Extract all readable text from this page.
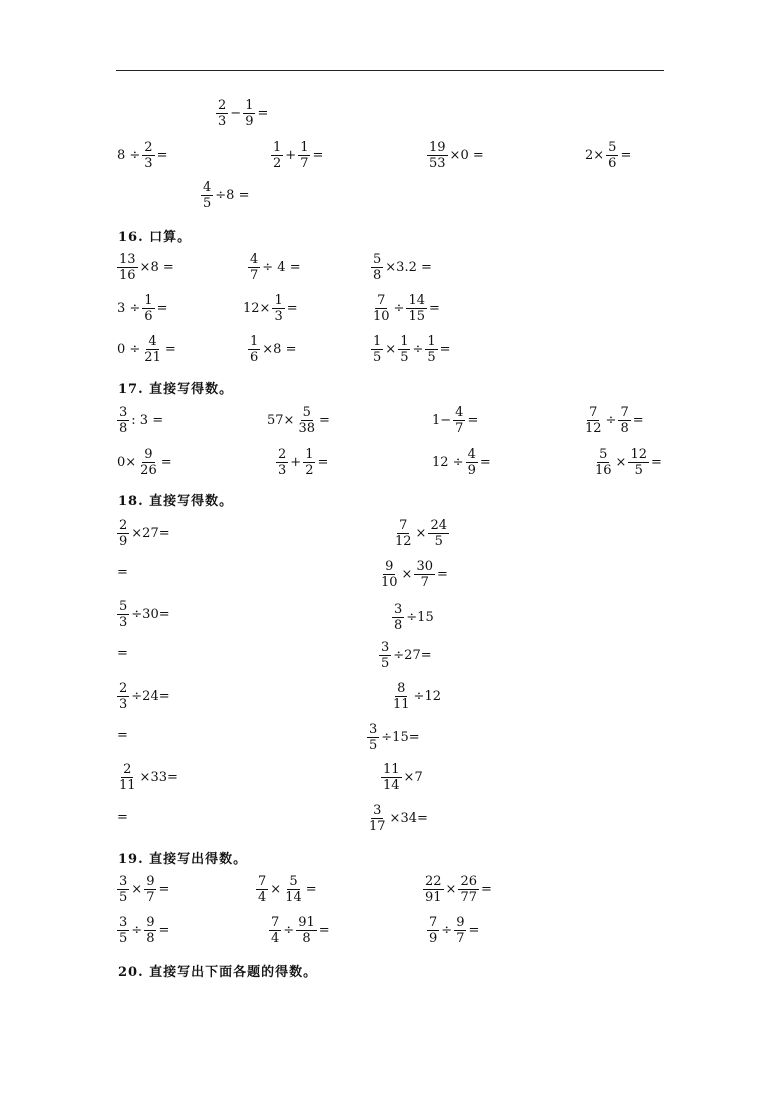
16. 口算。
17. 直接写得数。
18. 直接写得数。
19. 直接写出得数。
20. 直接写出下面各题的得数。
$\frac{2}{3} - \frac{1}{9}$ =
$8 \div \frac{2}{3}$ =	$\frac{1}{2} + \frac{1}{7}$ =	$\frac{19}{53} \times 0$ =	$2\times \frac{5}{6}$ =
$\frac{4}{5} \div 8$ =
$\frac{13}{16} \times 8$ =	$\frac{4}{7} \div 4$ =	$\frac{5}{8} \times 3.2$ =
$3 \div \frac{1}{6}$ =	$12\times \frac{1}{3}$ =	$\frac{7}{10} \div \frac{14}{15}$ =
$0 \div \frac{4}{21}$ =	$\frac{1}{6} \times 8$ =	$\frac{1}{5} \times \frac{1}{5} \div \frac{1}{5}$ =
$\frac{3}{8}$ : 3 =	$57\times \frac{5}{38}$ =	$1- \frac{4}{7}$ =	$\frac{7}{12} \div \frac{7}{8}$ =
$0\times \frac{9}{26}$ =	$\frac{2}{3} + \frac{1}{2}$ =	$12 \div \frac{4}{9}$ =	$\frac{5}{16} \times \frac{12}{5}$ =
$\frac{2}{9} \times 27=$	$\frac{7}{12} \times \frac{24}{5}$
=	$\frac{9}{10} \times \frac{30}{7}$ =
$\frac{5}{3} \div 30=$	$\frac{3}{8} \div 15$
=	$\frac{3}{5} \div 27=$
$\frac{2}{3} \div 24=$	$\frac{8}{11} \div 12$
=	$\frac{3}{5} \div 15=$
$\frac{2}{11} \times 33=$	$\frac{11}{14} \times 7$
=	$\frac{3}{17} \times 34=$
$\frac{3}{5} \times \frac{9}{7}$ =	$\frac{7}{4} \times \frac{5}{14}$ =	$\frac{22}{91} \times \frac{26}{77}$ =
$\frac{3}{5} \div \frac{9}{8}$ =	$\frac{7}{4} \div \frac{91}{8}$ =	$\frac{7}{9} \div \frac{9}{7}$ =
